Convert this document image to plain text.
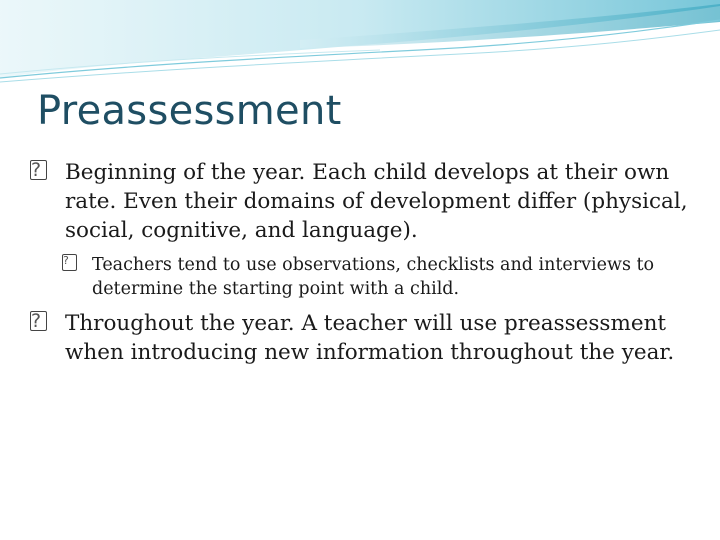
Preassessment

? Beginning of the year. Each child develops at their own rate. Even their domains of development differ (physical, social, cognitive, and language).

?	Teachers tend to use observations, checklists and interviews to determine the starting point with a child.

? Throughout the year. A teacher will use preassessment when introducing new information throughout the year.
